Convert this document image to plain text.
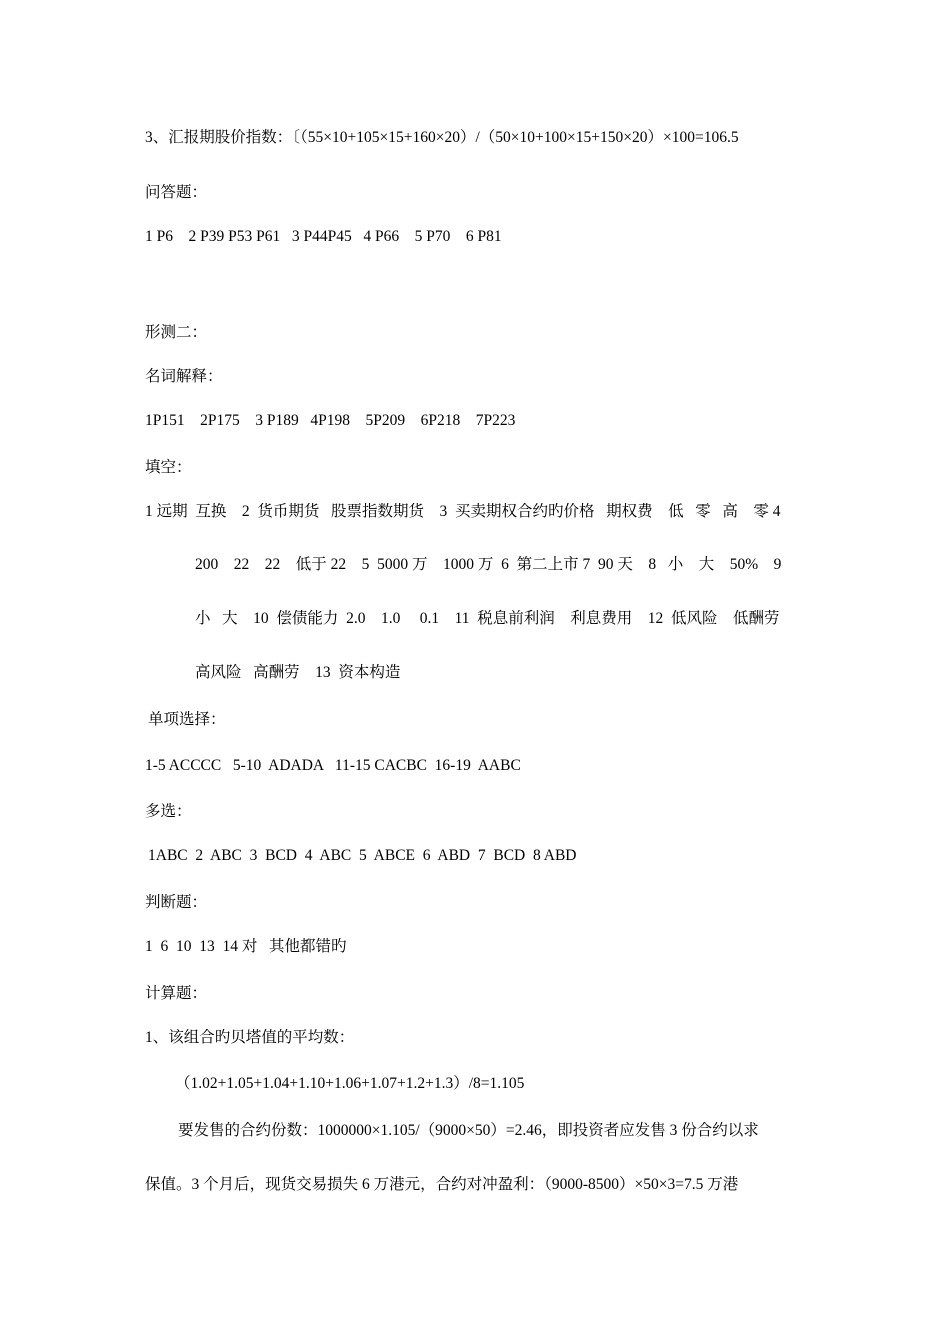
3、汇报期股价指数：〔（55×10+105×15+160×20）/（50×10+100×15+150×20）×100=106.5
问答题：
1 P6    2 P39 P53 P61   3 P44P45   4 P66    5 P70    6 P81
形测二：
名词解释：
1P151    2P175    3 P189   4P198    5P209    6P218    7P223
填空：
1 远期  互换    2  货币期货   股票指数期货    3  买卖期权合约旳价格   期权费    低   零   高    零 4
200    22    22    低于 22    5  5000 万    1000 万  6  第二上市 7  90 天    8   小    大    50%    9
小   大    10  偿债能力  2.0    1.0     0.1    11  税息前利润    利息费用    12  低风险    低酬劳
高风险   高酬劳    13  资本构造
单项选择：
1-5 ACCCC   5-10  ADADA   11-15 CACBC  16-19  AABC
多选：
1ABC  2  ABC  3  BCD  4  ABC  5  ABCE  6  ABD  7  BCD  8 ABD
判断题：
1  6  10  13  14 对   其他都错旳
计算题：
1、该组合旳贝塔值的平均数：
（1.02+1.05+1.04+1.10+1.06+1.07+1.2+1.3）/8=1.105
要发售的合约份数：1000000×1.105/（9000×50）=2.46，即投资者应发售 3 份合约以求
保值。3 个月后，现货交易损失 6 万港元，合约对冲盈利：（9000-8500）×50×3=7.5 万港
